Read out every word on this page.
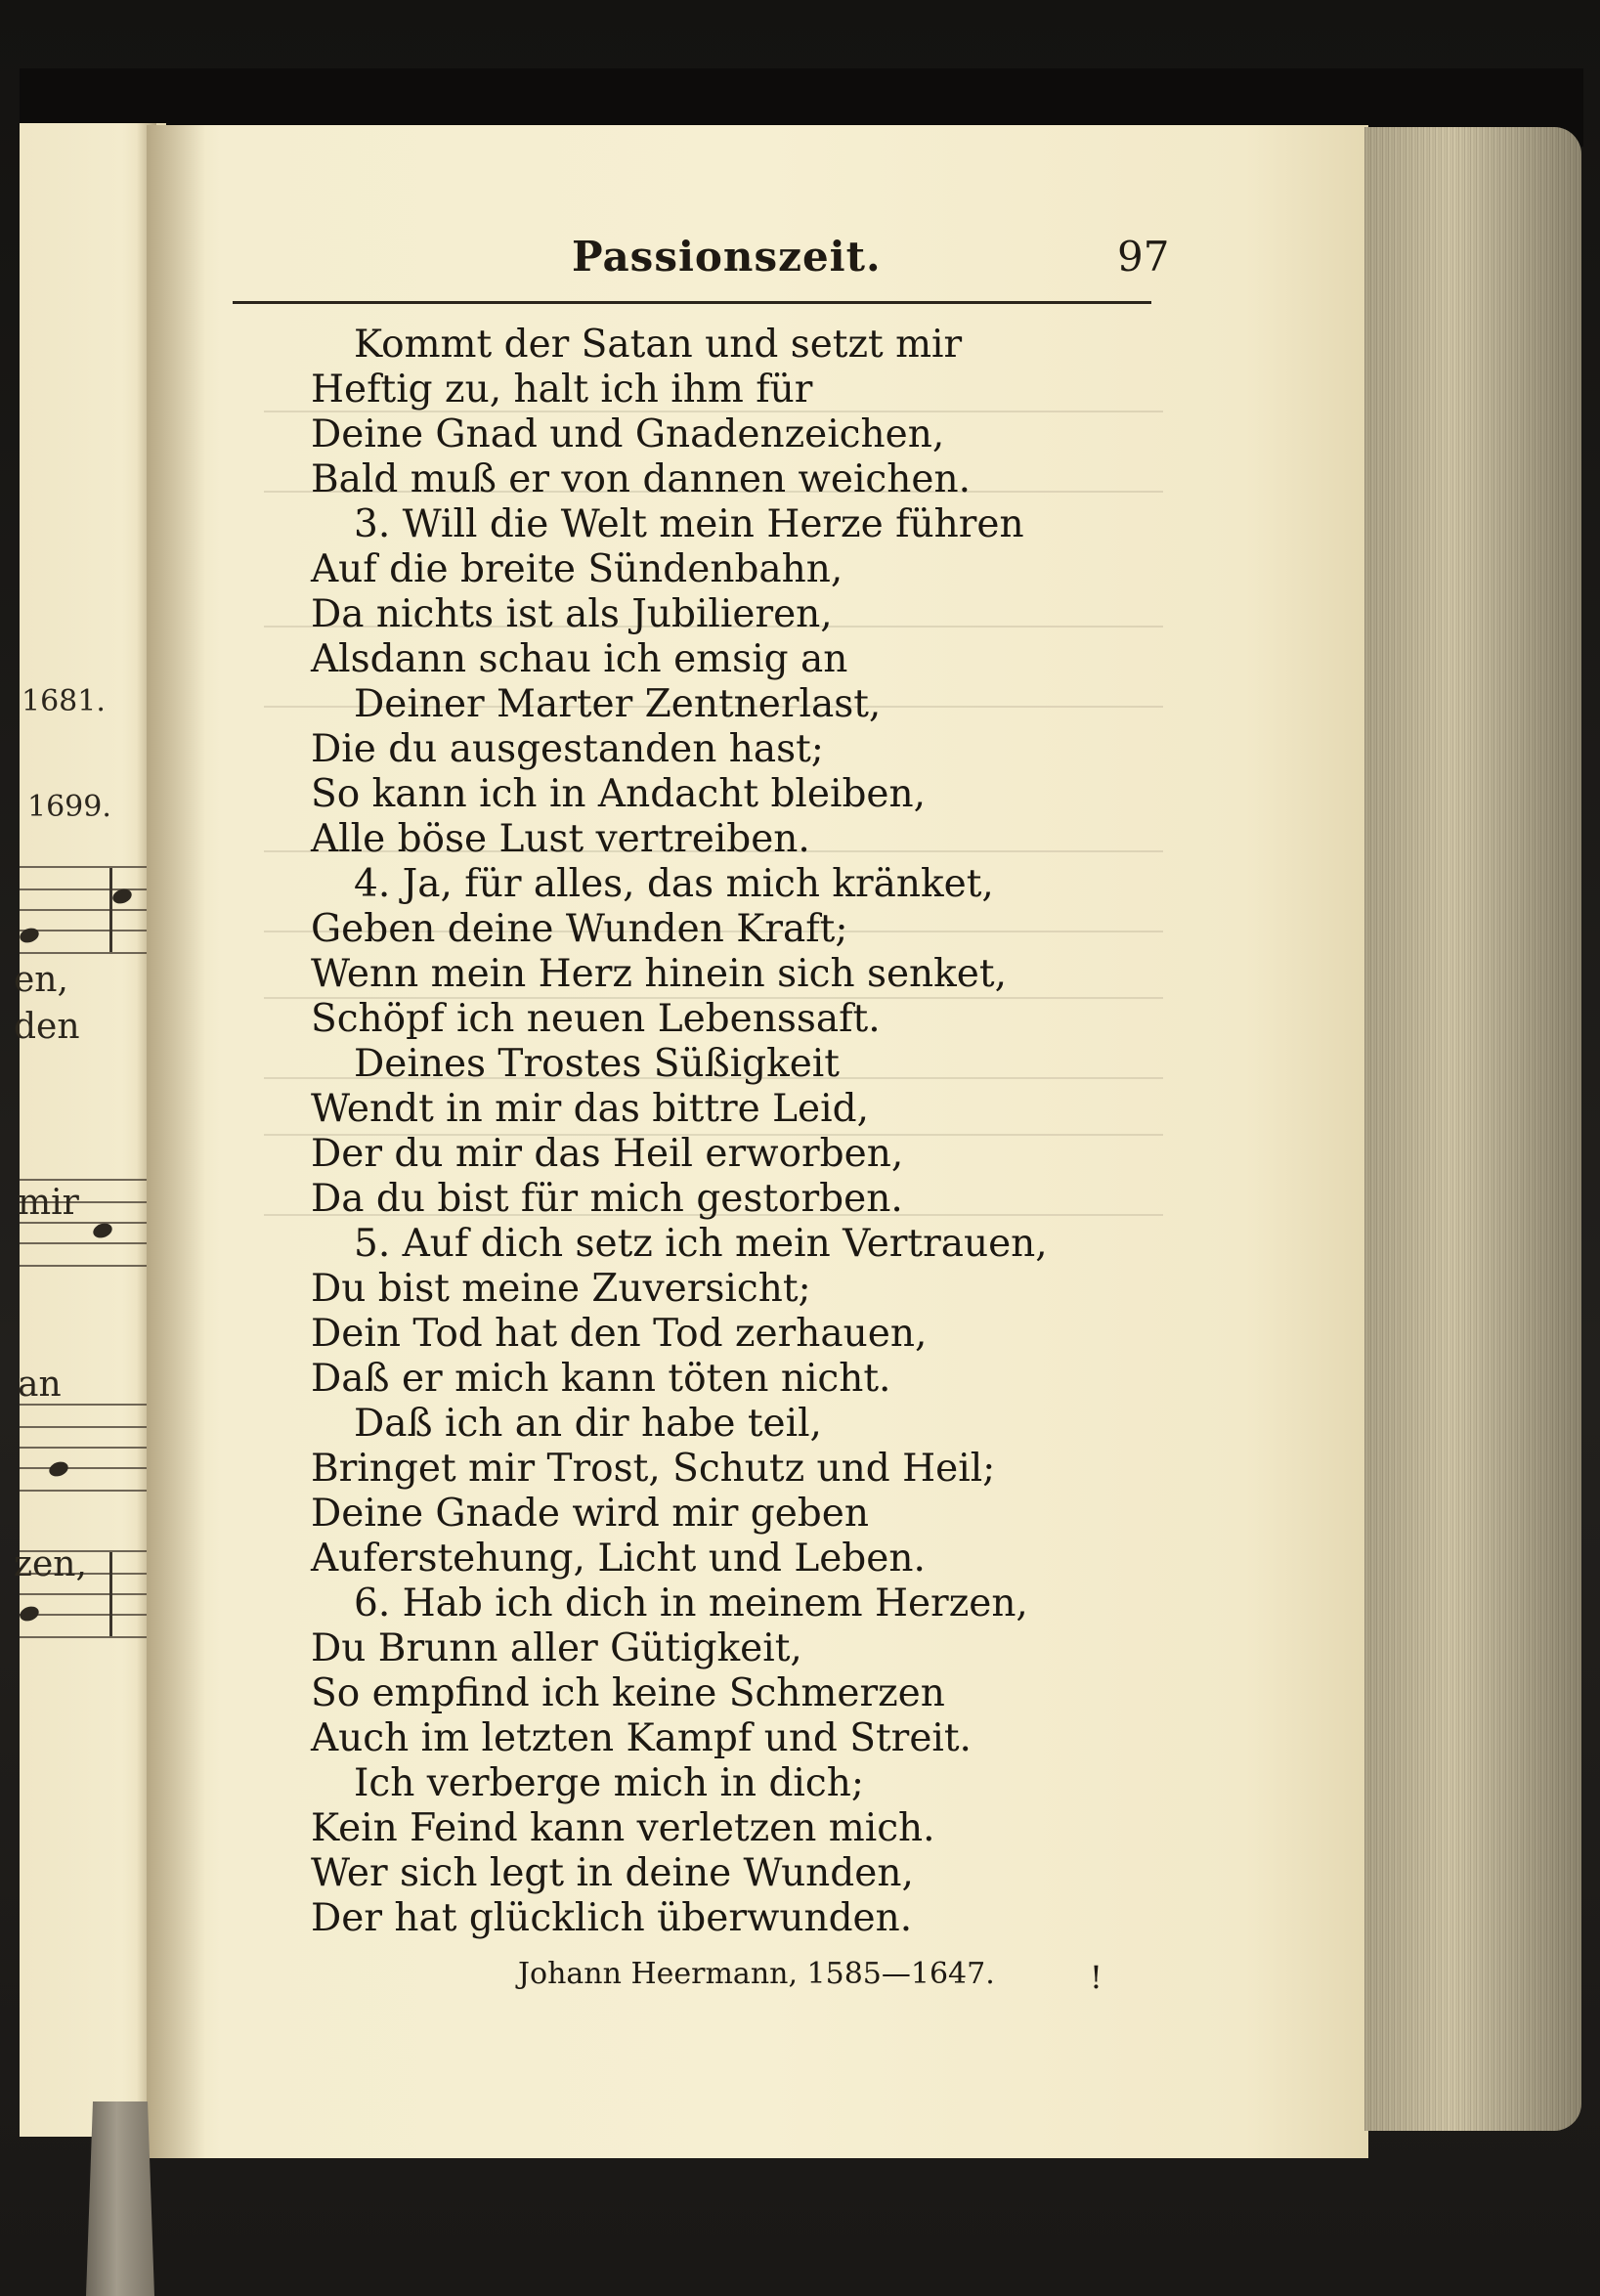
1681.
1699.
en,
den
mir
an
zen,
Passionszeit.	97
Kommt der Satan und setzt mir
Heftig zu, halt ich ihm für
Deine Gnad und Gnadenzeichen,
Bald muß er von dannen weichen.
3. Will die Welt mein Herze führen
Auf die breite Sündenbahn,
Da nichts ist als Jubilieren,
Alsdann schau ich emsig an
Deiner Marter Zentnerlast,
Die du ausgestanden hast;
So kann ich in Andacht bleiben,
Alle böse Lust vertreiben.
4. Ja, für alles, das mich kränket,
Geben deine Wunden Kraft;
Wenn mein Herz hinein sich senket,
Schöpf ich neuen Lebenssaft.
Deines Trostes Süßigkeit
Wendt in mir das bittre Leid,
Der du mir das Heil erworben,
Da du bist für mich gestorben.
5. Auf dich setz ich mein Vertrauen,
Du bist meine Zuversicht;
Dein Tod hat den Tod zerhauen,
Daß er mich kann töten nicht.
Daß ich an dir habe teil,
Bringet mir Trost, Schutz und Heil;
Deine Gnade wird mir geben
Auferstehung, Licht und Leben.
6. Hab ich dich in meinem Herzen,
Du Brunn aller Gütigkeit,
So empfind ich keine Schmerzen
Auch im letzten Kampf und Streit.
Ich verberge mich in dich;
Kein Feind kann verletzen mich.
Wer sich legt in deine Wunden,
Der hat glücklich überwunden.
Johann Heermann, 1585—1647.	!
